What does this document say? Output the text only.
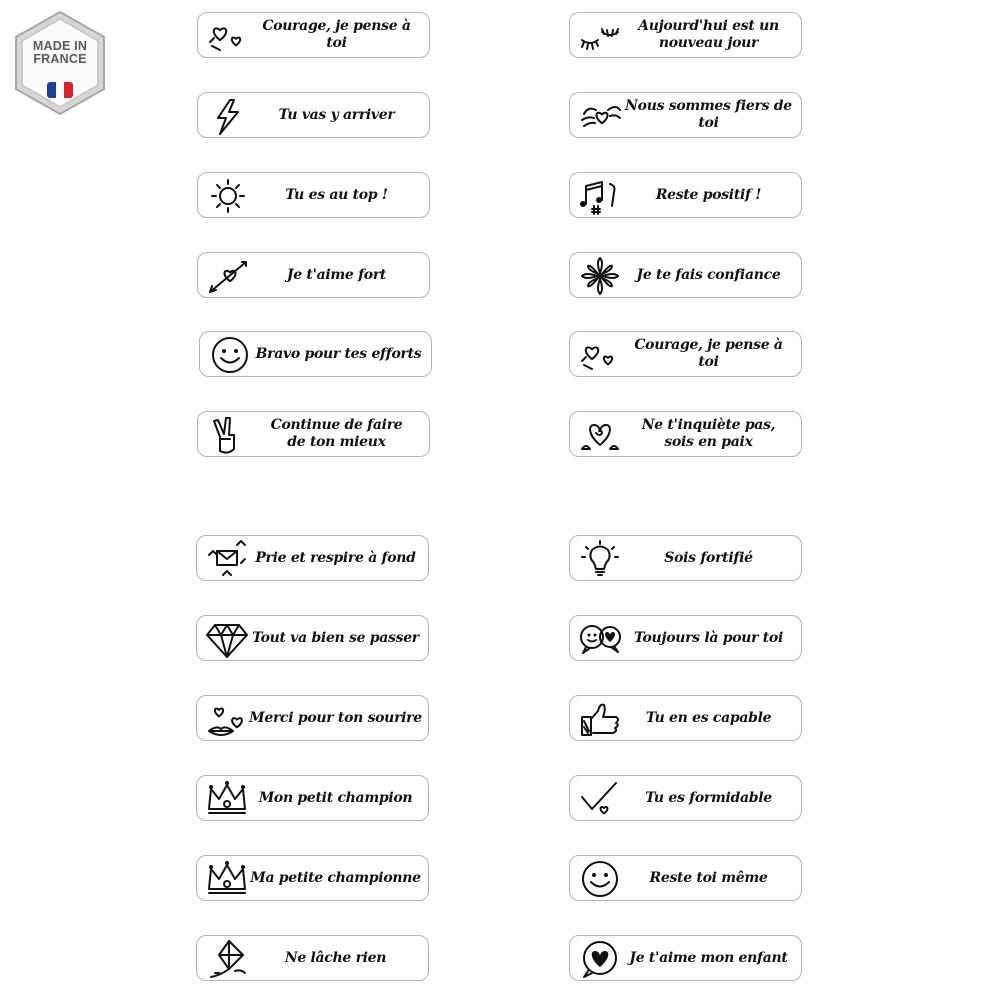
MADE IN
FRANCE
Courage, je pense à toi
Aujourd'hui est un
nouveau jour
Tu vas y arriver
Nous sommes fiers de toi
Tu es au top !	Reste positif !
Je t'aime fort	Je te fais confiance
Bravo pour tes efforts
Courage, je pense à toi
Continue de faire
de ton mieux
Ne t'inquiète pas,
sois en paix
Prie et respire à fond	Sois fortifié
Tout va bien se passer	Toujours là pour toi
Merci pour ton sourire	Tu en es capable
Mon petit champion	Tu es formidable
Ma petite championne	Reste toi même
Ne lâche rien	Je t'aime mon enfant
